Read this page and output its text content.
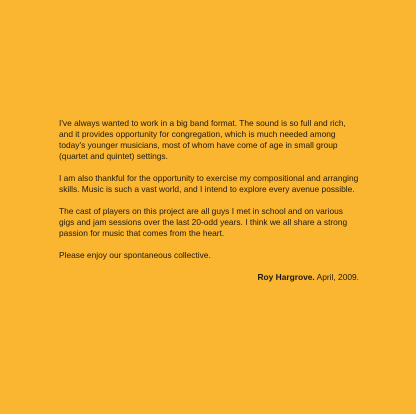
I've always wanted to work in a big band format. The sound is so full and rich, and it provides opportunity for congregation, which is much needed among today's younger musicians, most of whom have come of age in small group (quartet and quintet) settings.

I am also thankful for the opportunity to exercise my compositional and arranging skills. Music is such a vast world, and I intend to explore every avenue possible.

The cast of players on this project are all guys I met in school and on various gigs and jam sessions over the last 20-odd years. I think we all share a strong passion for music that comes from the heart.

Please enjoy our spontaneous collective.

Roy Hargrove. April, 2009.
